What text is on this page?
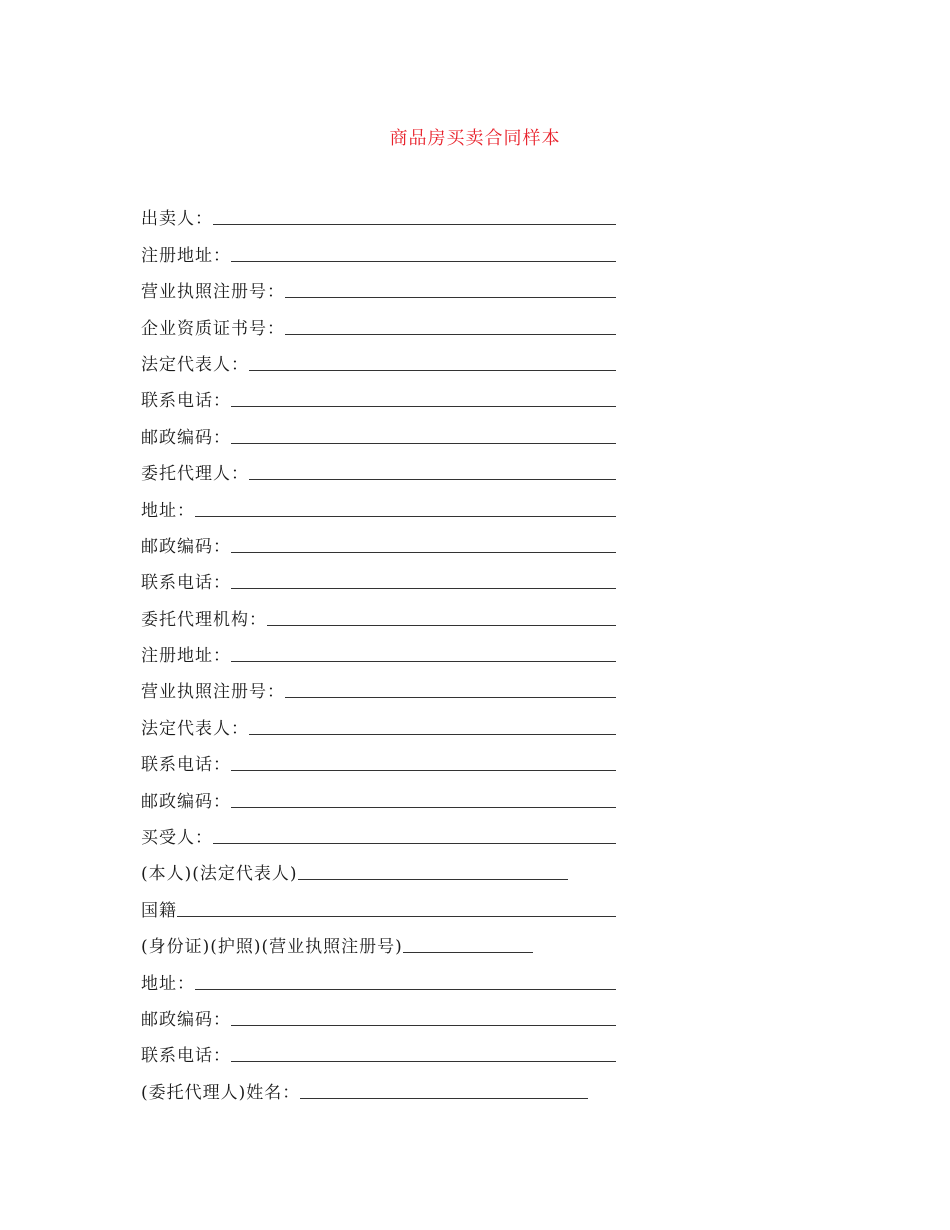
商品房买卖合同样本
出卖人：
注册地址：
营业执照注册号：
企业资质证书号：
法定代表人：
联系电话：
邮政编码：
委托代理人：
地址：
邮政编码：
联系电话：
委托代理机构：
注册地址：
营业执照注册号：
法定代表人：
联系电话：
邮政编码：
买受人：
(本人)(法定代表人)
国籍
(身份证)(护照)(营业执照注册号)
地址：
邮政编码：
联系电话：
(委托代理人)姓名：
